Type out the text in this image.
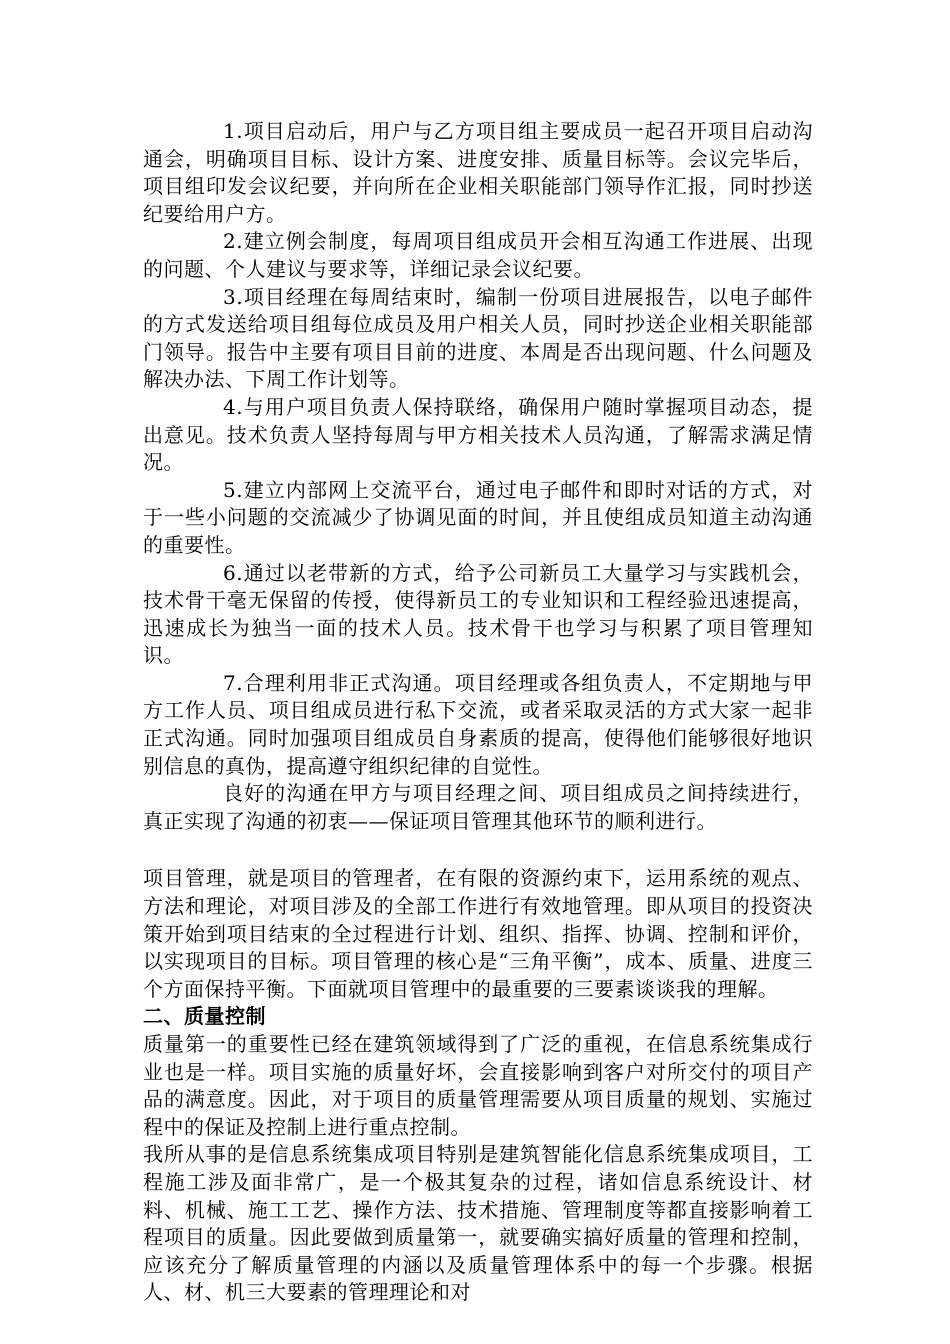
1.项目启动后，用户与乙方项目组主要成员一起召开项目启动沟通会，明确项目目标、设计方案、进度安排、质量目标等。会议完毕后，项目组印发会议纪要，并向所在企业相关职能部门领导作汇报，同时抄送纪要给用户方。

2.建立例会制度，每周项目组成员开会相互沟通工作进展、出现的问题、个人建议与要求等，详细记录会议纪要。

3.项目经理在每周结束时，编制一份项目进展报告，以电子邮件的方式发送给项目组每位成员及用户相关人员，同时抄送企业相关职能部门领导。报告中主要有项目目前的进度、本周是否出现问题、什么问题及解决办法、下周工作计划等。

4.与用户项目负责人保持联络，确保用户随时掌握项目动态，提出意见。技术负责人坚持每周与甲方相关技术人员沟通，了解需求满足情况。

5.建立内部网上交流平台，通过电子邮件和即时对话的方式，对于一些小问题的交流减少了协调见面的时间，并且使组成员知道主动沟通的重要性。

6.通过以老带新的方式，给予公司新员工大量学习与实践机会，技术骨干毫无保留的传授，使得新员工的专业知识和工程经验迅速提高，迅速成长为独当一面的技术人员。技术骨干也学习与积累了项目管理知识。

7.合理利用非正式沟通。项目经理或各组负责人，不定期地与甲方工作人员、项目组成员进行私下交流，或者采取灵活的方式大家一起非正式沟通。同时加强项目组成员自身素质的提高，使得他们能够很好地识别信息的真伪，提高遵守组织纪律的自觉性。

良好的沟通在甲方与项目经理之间、项目组成员之间持续进行，真正实现了沟通的初衷——保证项目管理其他环节的顺利进行。

项目管理，就是项目的管理者，在有限的资源约束下，运用系统的观点、方法和理论，对项目涉及的全部工作进行有效地管理。即从项目的投资决策开始到项目结束的全过程进行计划、组织、指挥、协调、控制和评价，以实现项目的目标。项目管理的核心是“三角平衡”，成本、质量、进度三个方面保持平衡。下面就项目管理中的最重要的三要素谈谈我的理解。

二、质量控制

质量第一的重要性已经在建筑领域得到了广泛的重视，在信息系统集成行业也是一样。项目实施的质量好坏，会直接影响到客户对所交付的项目产品的满意度。因此，对于项目的质量管理需要从项目质量的规划、实施过程中的保证及控制上进行重点控制。

我所从事的是信息系统集成项目特别是建筑智能化信息系统集成项目，工程施工涉及面非常广，是一个极其复杂的过程，诸如信息系统设计、材料、机械、施工工艺、操作方法、技术措施、管理制度等都直接影响着工程项目的质量。因此要做到质量第一，就要确实搞好质量的管理和控制，应该充分了解质量管理的内涵以及质量管理体系中的每一个步骤。根据人、材、机三大要素的管理理论和对
